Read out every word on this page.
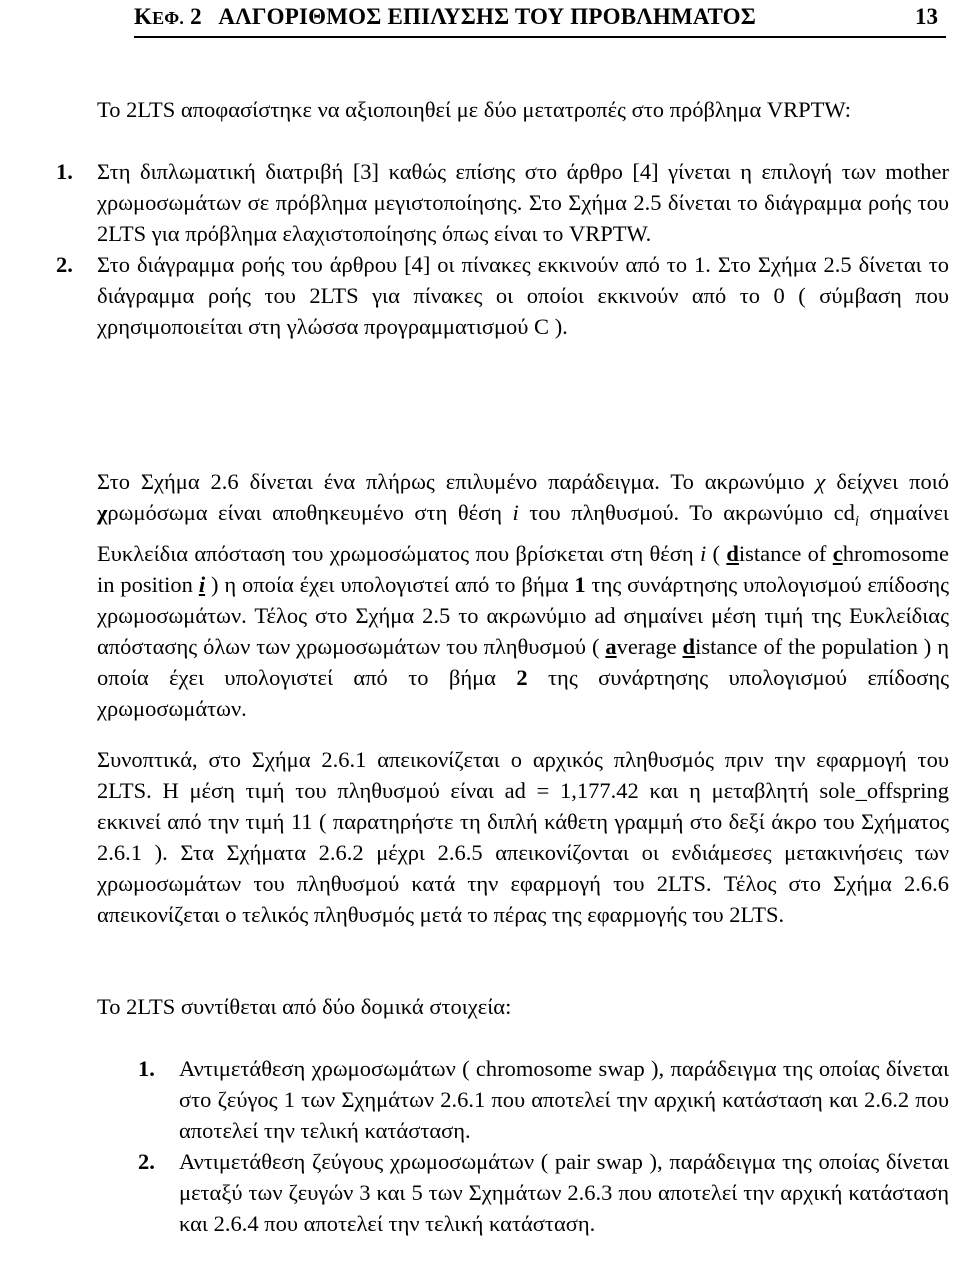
ΚΕΦ. 2   ΑΛΓΟΡΙΘΜΟΣ ΕΠΙΛΥΣΗΣ ΤΟΥ ΠΡΟΒΛΗΜΑΤΟΣ	13
Το 2LTS αποφασίστηκε να αξιοποιηθεί με δύο μετατροπές στο πρόβλημα VRPTW:
1. Στη διπλωματική διατριβή [3] καθώς επίσης στο άρθρο [4] γίνεται η επιλογή των mother χρωμοσωμάτων σε πρόβλημα μεγιστοποίησης. Στο Σχήμα 2.5 δίνεται το διάγραμμα ροής του 2LTS για πρόβλημα ελαχιστοποίησης όπως είναι το VRPTW.
2. Στο διάγραμμα ροής του άρθρου [4] οι πίνακες εκκινούν από το 1. Στο Σχήμα 2.5 δίνεται το διάγραμμα ροής του 2LTS για πίνακες οι οποίοι εκκινούν από το 0 ( σύμβαση που χρησιμοποιείται στη γλώσσα προγραμματισμού C ).
Στο Σχήμα 2.6 δίνεται ένα πλήρως επιλυμένο παράδειγμα. Το ακρωνύμιο χ δείχνει ποιό χρωμόσωμα είναι αποθηκευμένο στη θέση i του πληθυσμού. Το ακρωνύμιο $cd_i$ σημαίνει Ευκλείδια απόσταση του χρωμοσώματος που βρίσκεται στη θέση i ( distance of chromosome in position i ) η οποία έχει υπολογιστεί από το βήμα 1 της συνάρτησης υπολογισμού επίδοσης χρωμοσωμάτων. Τέλος στο Σχήμα 2.5 το ακρωνύμιο ad σημαίνει μέση τιμή της Ευκλείδιας απόστασης όλων των χρωμοσωμάτων του πληθυσμού ( average distance of the population ) η οποία έχει υπολογιστεί από το βήμα 2 της συνάρτησης υπολογισμού επίδοσης χρωμοσωμάτων.
Συνοπτικά, στο Σχήμα 2.6.1 απεικονίζεται ο αρχικός πληθυσμός πριν την εφαρμογή του 2LTS. Η μέση τιμή του πληθυσμού είναι ad = 1,177.42 και η μεταβλητή sole_offspring εκκινεί από την τιμή 11 ( παρατηρήστε τη διπλή κάθετη γραμμή στο δεξί άκρο του Σχήματος 2.6.1 ). Στα Σχήματα 2.6.2 μέχρι 2.6.5 απεικονίζονται οι ενδιάμεσες μετακινήσεις των χρωμοσωμάτων του πληθυσμού κατά την εφαρμογή του 2LTS. Τέλος στο Σχήμα 2.6.6 απεικονίζεται ο τελικός πληθυσμός μετά το πέρας της εφαρμογής του 2LTS.
Το 2LTS συντίθεται από δύο δομικά στοιχεία:
1. Αντιμετάθεση χρωμοσωμάτων ( chromosome swap ), παράδειγμα της οποίας δίνεται στο ζεύγος 1 των Σχημάτων 2.6.1 που αποτελεί την αρχική κατάσταση και 2.6.2 που αποτελεί την τελική κατάσταση.
2. Αντιμετάθεση ζεύγους χρωμοσωμάτων ( pair swap ), παράδειγμα της οποίας δίνεται μεταξύ των ζευγών 3 και 5 των Σχημάτων 2.6.3 που αποτελεί την αρχική κατάσταση και 2.6.4 που αποτελεί την τελική κατάσταση.
